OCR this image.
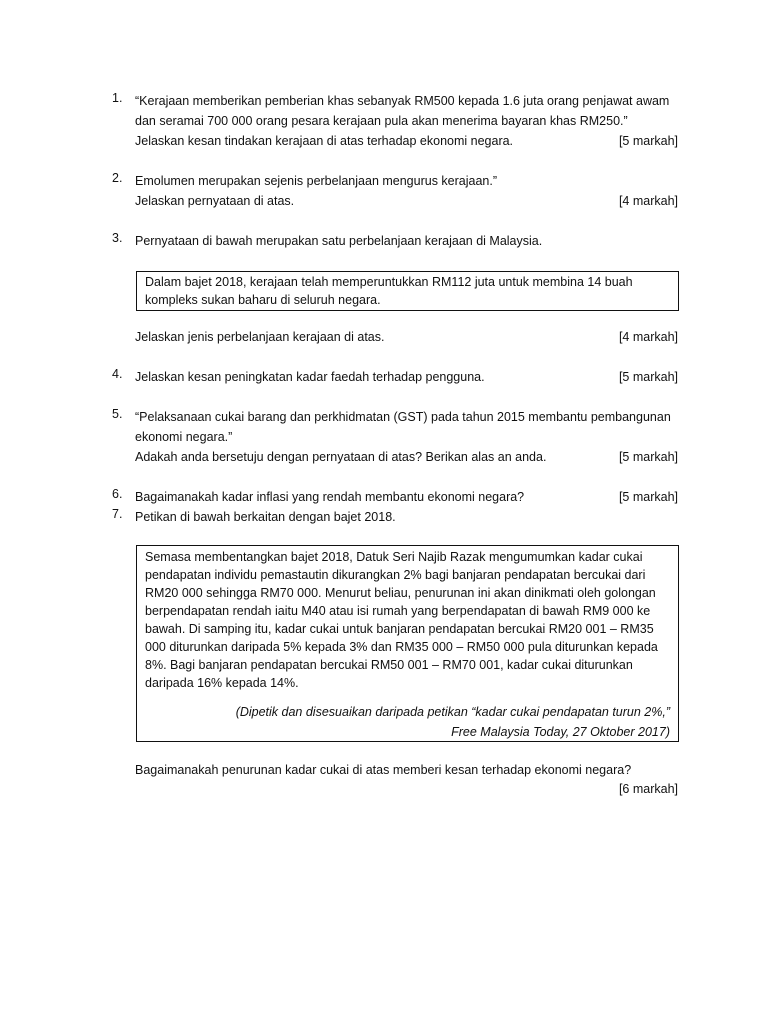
1.	“Kerajaan memberikan pemberian khas sebanyak RM500 kepada 1.6 juta orang penjawat awam
dan seramai 700 000 orang pesara kerajaan pula akan menerima bayaran khas RM250.”
Jelaskan kesan tindakan kerajaan di atas terhadap ekonomi negara.	[5 markah]
2.	Emolumen merupakan sejenis perbelanjaan mengurus kerajaan.”
Jelaskan pernyataan di atas.	[4 markah]
3.	Pernyataan di bawah merupakan satu perbelanjaan kerajaan di Malaysia.
Dalam bajet 2018, kerajaan telah memperuntukkan RM112 juta untuk membina 14 buah
kompleks sukan baharu di seluruh negara.
Jelaskan jenis perbelanjaan kerajaan di atas.	[4 markah]
4.	Jelaskan kesan peningkatan kadar faedah terhadap pengguna.	[5 markah]
5.	“Pelaksanaan cukai barang dan perkhidmatan (GST) pada tahun 2015 membantu pembangunan
ekonomi negara.”
Adakah anda bersetuju dengan pernyataan di atas? Berikan alas an anda.	[5 markah]
6.	Bagaimanakah kadar inflasi yang rendah membantu ekonomi negara?	[5 markah]
7.	Petikan di bawah berkaitan dengan bajet 2018.
Semasa membentangkan bajet 2018, Datuk Seri Najib Razak mengumumkan kadar cukai
pendapatan individu pemastautin dikurangkan 2% bagi banjaran pendapatan bercukai dari
RM20 000 sehingga RM70 000. Menurut beliau, penurunan ini akan dinikmati oleh golongan
berpendapatan rendah iaitu M40 atau isi rumah yang berpendapatan di bawah RM9 000 ke
bawah. Di samping itu, kadar cukai untuk banjaran pendapatan bercukai RM20 001 – RM35
000 diturunkan daripada 5% kepada 3% dan RM35 000 – RM50 000 pula diturunkan kepada
8%. Bagi banjaran pendapatan bercukai RM50 001 – RM70 001, kadar cukai diturunkan
daripada 16% kepada 14%.
(Dipetik dan disesuaikan daripada petikan “kadar cukai pendapatan turun 2%,”
Free Malaysia Today, 27 Oktober 2017)
Bagaimanakah penurunan kadar cukai di atas memberi kesan terhadap ekonomi negara?
[6 markah]
